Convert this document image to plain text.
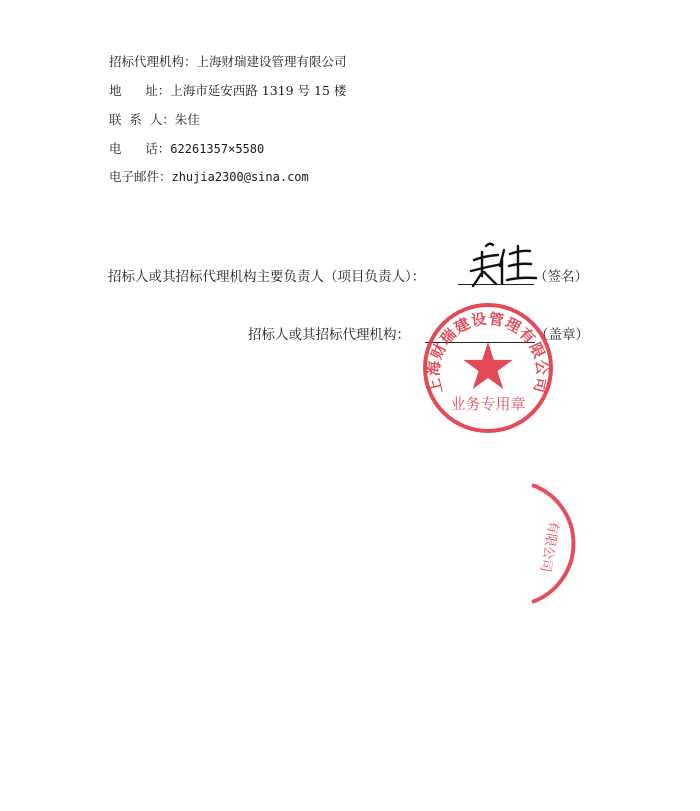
招标代理机构：上海财瑞建设管理有限公司

地      址：上海市延安西路 1319 号 15 楼

联  系  人：朱佳

电      话：62261357×5580

电子邮件：zhujia2300@sina.com

招标人或其招标代理机构主要负责人（项目负责人）：	（签名）
招标人或其招标代理机构：	（盖章）
上海财瑞建设管理有限公司
业务专用章
有限公司
